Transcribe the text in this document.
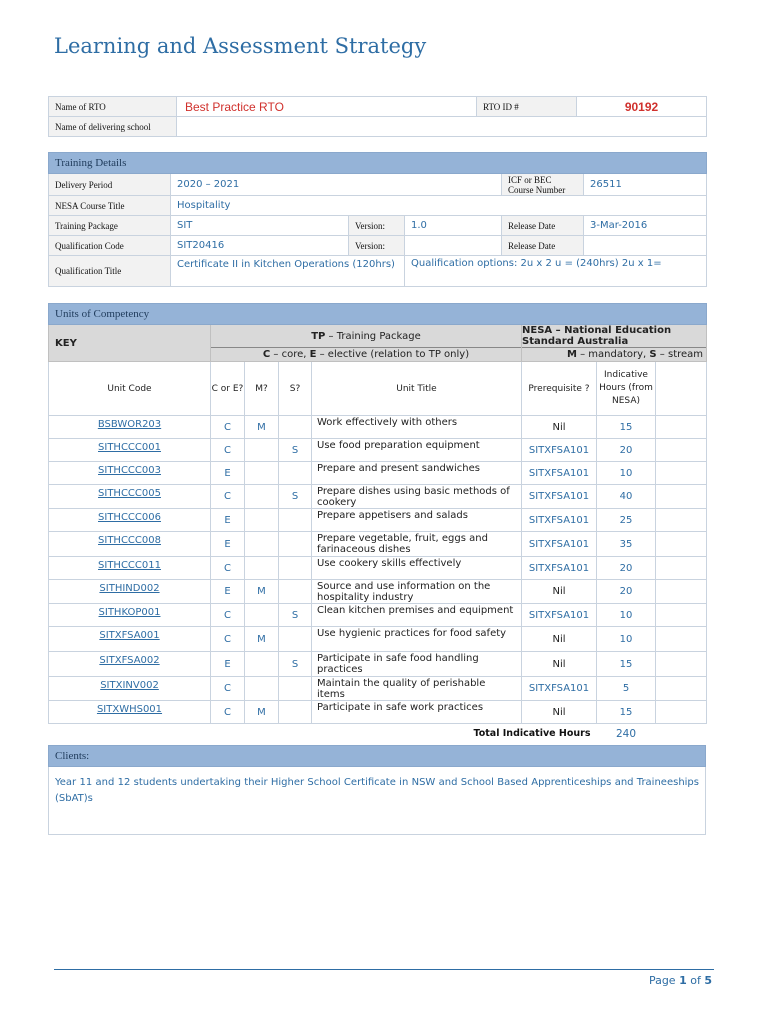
Learning and Assessment Strategy
Name of RTO	Best Practice RTO	RTO ID #	90192
Name of delivering school			
Training Details					
Delivery Period	2020 – 2021			ICF or BEC Course Number	26511
NESA Course Title	Hospitality				
Training Package	SIT	Version:	1.0	Release Date	3-Mar-2016
Qualification Code	SIT20416	Version:		Release Date	
Qualification Title	Certificate II in Kitchen Operations (120hrs)		Qualification options: 2u x 2 u = (240hrs) 2u x 1=		
Units of Competency							
KEY	TP – Training Package				NESA – National Education Standard Australia		
	C – core, E – elective (relation to TP only)				M – mandatory, S – stream		
Unit Code	C or E?	M?	S?	Unit Title	Prerequisite ?	Indicative Hours (from NESA)	
BSBWOR203	C	M		Work effectively with others	Nil	15	
SITHCCC001	C		S	Use food preparation equipment	SITXFSA101	20	
SITHCCC003	E			Prepare and present sandwiches	SITXFSA101	10	
SITHCCC005	C		S	Prepare dishes using basic methods of cookery	SITXFSA101	40	
SITHCCC006	E			Prepare appetisers and salads	SITXFSA101	25	
SITHCCC008	E			Prepare vegetable, fruit, eggs and farinaceous dishes	SITXFSA101	35	
SITHCCC011	C			Use cookery skills effectively	SITXFSA101	20	
SITHIND002	E	M		Source and use information on the hospitality industry	Nil	20	
SITHKOP001	C		S	Clean kitchen premises and equipment	SITXFSA101	10	
SITXFSA001	C	M		Use hygienic practices for food safety	Nil	10	
SITXFSA002	E		S	Participate in safe food handling practices	Nil	15	
SITXINV002	C			Maintain the quality of perishable items	SITXFSA101	5	
SITXWHS001	C	M		Participate in safe work practices	Nil	15	
Total Indicative Hours						240	
Clients:
Year 11 and 12 students undertaking their Higher School Certificate in NSW and School Based Apprenticeships and Traineeships (SbAT)s
Page 1 of 5
